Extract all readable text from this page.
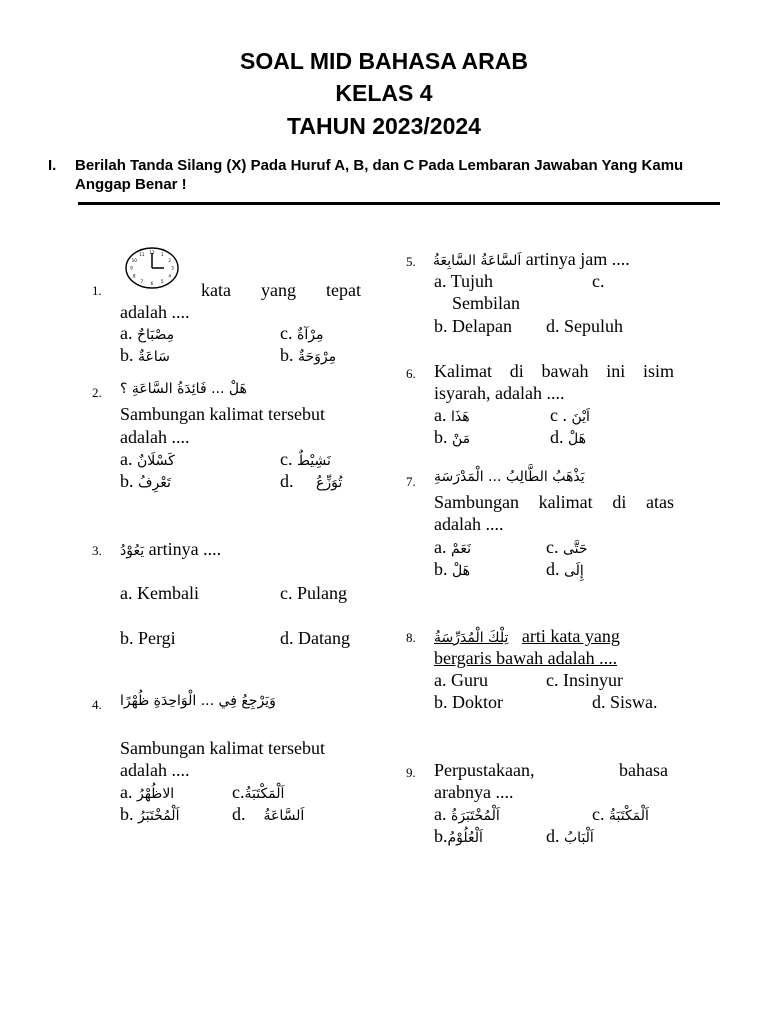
SOAL MID BAHASA ARAB
KELAS 4
TAHUN 2023/2024
I. Berilah Tanda Silang (X) Pada Huruf A, B, dan C Pada Lembaran Jawaban Yang Kamu Anggap Benar !
1.
12 1
2
3
4
5
6
7
8
9
10
11
kata yang tepat
adalah ....
a. مِصْبَاحٌ	c. مِرْآةٌ
b. سَاعَةٌ	b. مِرْوَحَةٌ
2. هَلْ ... فَائِدَةُ السَّاعَةِ ؟
Sambungan kalimat tersebut
adalah ....
a. كَسْلَانٌ	c. نَشِيْطٌ
b. تَعْرِفُ	d. تُوَزِّعُ
3. يَعُوْدُ artinya ....
a. Kembali	c. Pulang
b. Pergi	d. Datang
4. وَيَرْجِعُ فِي ... الْوَاحِدَةِ ظُهْرًا
Sambungan kalimat tersebut
adalah ....
a. الاظُهْرُ	c.اَلْمَكْتَبَةُ
b. اَلْمُخْتَبَرُ	d. اَلسَّاعَةُ
5. اَلسَّاعَةُ السَّابِعَةُ artinya jam ....
a. Tujuh	c.
Sembilan
b. Delapan d. Sepuluh
6. Kalimat di bawah ini isim
isyarah, adalah ....
a. هَذَا	c . اَيْنَ
b. مَنْ	d. هَلْ
7. يَذْهَبُ الطَّالِبُ ... الْمَدْرَسَةِ
Sambungan kalimat di atas
adalah ....
a. نَعَمْ	c. حَتَّى
b. هَلْ	d. إِلَى
8. تِلْكَ الْمُدَرِّسَةُ arti kata yang
bergaris bawah adalah ....
a. Guru	c. Insinyur
b. Doktor	d. Siswa.
9. Perpustakaan,	bahasa
arabnya ....
a. اَلْمُخْتَبَرَةُ	c. اَلْمَكْتَبَةُ
b.اَلْعُلُوْمُ	d. اَلْبَابُ
